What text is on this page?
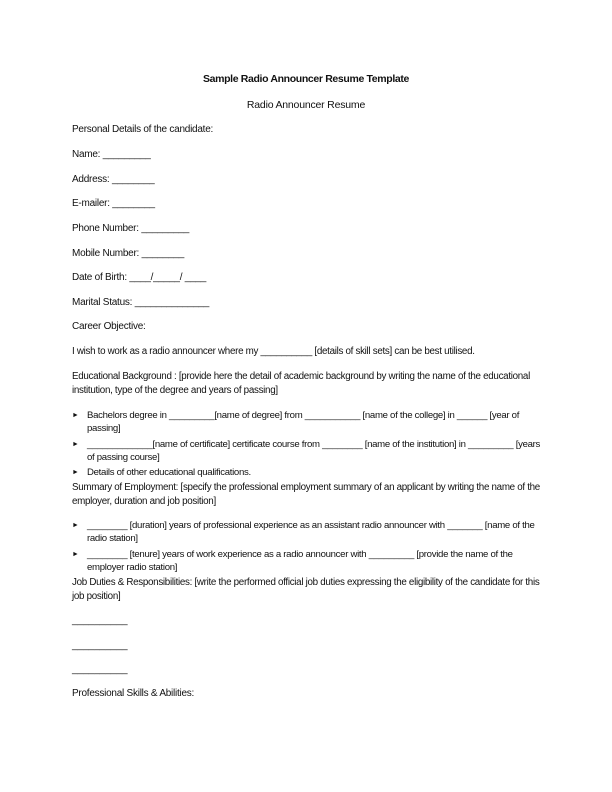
Sample Radio Announcer Resume Template
Radio Announcer Resume
Personal Details of the candidate:
Name: _________
Address: ________
E-mailer: ________
Phone Number: _________
Mobile Number: ________
Date of Birth: ____/_____/ ____
Marital Status: ______________
Career Objective:
I wish to work as a radio announcer where my __________ [details of skill sets] can be best utilised.
Educational Background : [provide here the detail of academic background by writing the name of the educational institution, type of the degree and years of passing]
► Bachelors degree in _________[name of degree] from ___________ [name of the college] in ______ [year of passing]
► _____________[name of certificate] certificate course from ________ [name of the institution] in _________ [years of passing course]
► Details of other educational qualifications.
Summary of Employment: [specify the professional employment summary of an applicant by writing the name of the employer, duration and job position]
► ________ [duration] years of professional experience as an assistant radio announcer with _______ [name of the radio station]
► ________ [tenure] years of work experience as a radio announcer with _________ [provide the name of the employer radio station]
Job Duties & Responsibilities: [write the performed official job duties expressing the eligibility of the candidate for this job position]
__________
__________
__________
Professional Skills & Abilities:
